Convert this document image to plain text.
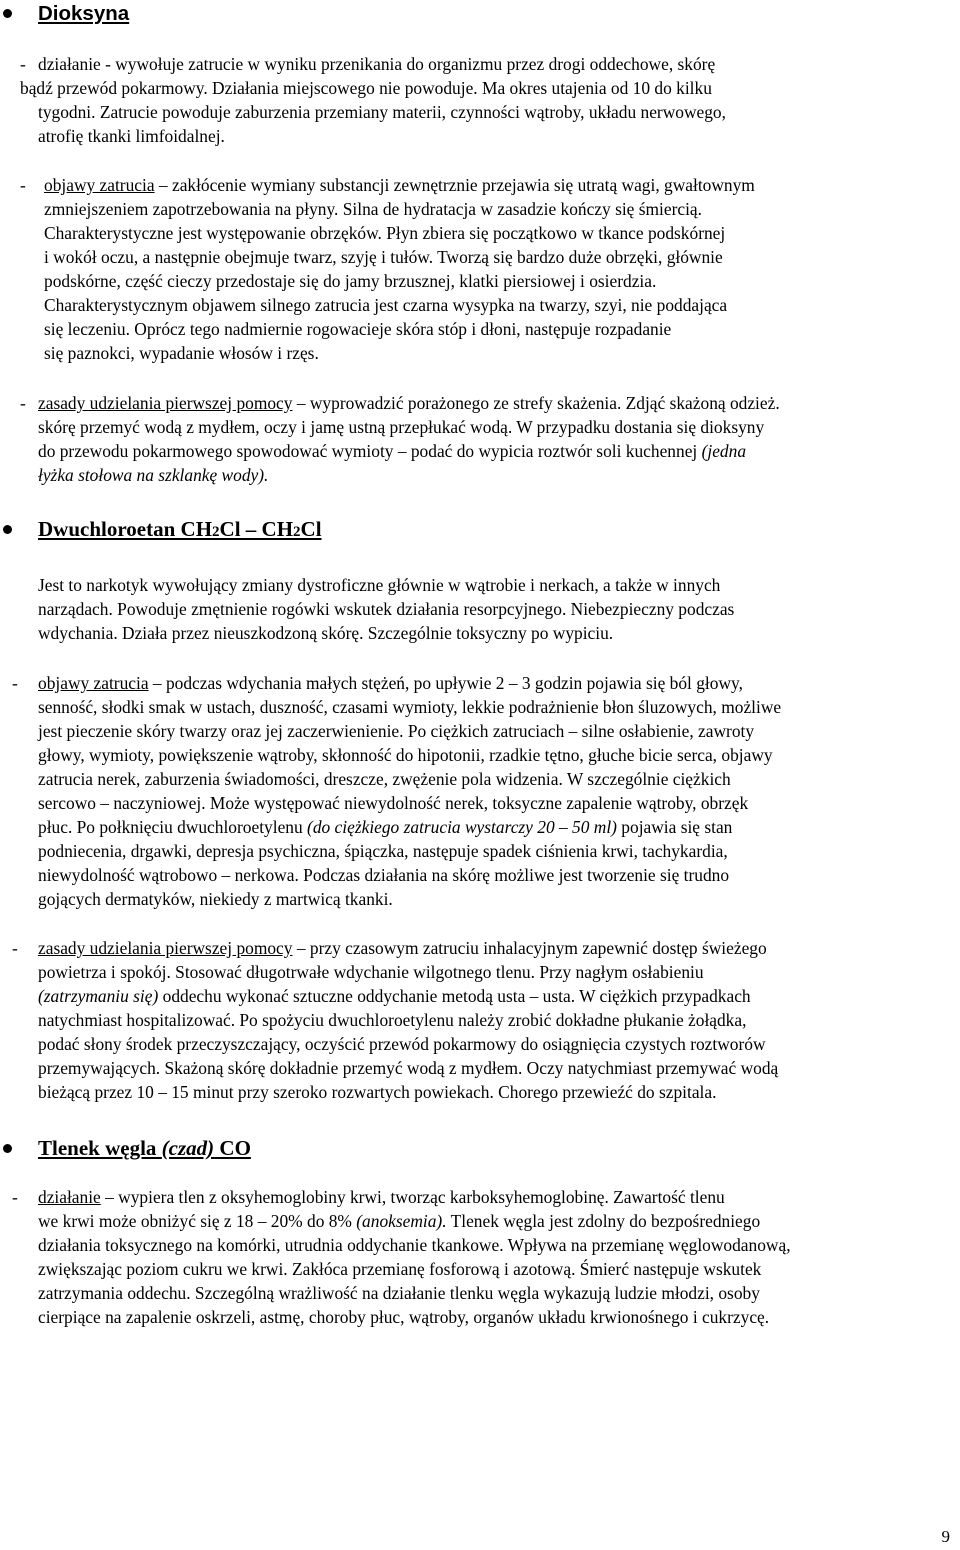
Dioksyna
- działanie - wywołuje zatrucie w wyniku przenikania do organizmu przez drogi oddechowe, skórę
bądź przewód pokarmowy. Działania miejscowego nie powoduje. Ma okres utajenia od 10 do kilku
tygodni. Zatrucie powoduje zaburzenia przemiany materii, czynności wątroby, układu nerwowego,
atrofię tkanki limfoidalnej.
- objawy zatrucia – zakłócenie wymiany substancji zewnętrznie przejawia się utratą wagi, gwałtownym
zmniejszeniem zapotrzebowania na płyny. Silna de hydratacja w zasadzie kończy się śmiercią.
Charakterystyczne jest występowanie obrzęków. Płyn zbiera się początkowo w tkance podskórnej
i wokół oczu, a następnie obejmuje twarz, szyję i tułów. Tworzą się bardzo duże obrzęki, głównie
podskórne, część cieczy przedostaje się do jamy brzusznej, klatki piersiowej i osierdzia.
Charakterystycznym objawem silnego zatrucia jest czarna wysypka na twarzy, szyi, nie poddająca
się leczeniu. Oprócz tego nadmiernie rogowacieje skóra stóp i dłoni, następuje rozpadanie
się paznokci, wypadanie włosów i rzęs.
- zasady udzielania pierwszej pomocy – wyprowadzić porażonego ze strefy skażenia. Zdjąć skażoną odzież.
skórę przemyć wodą z mydłem, oczy i jamę ustną przepłukać wodą. W przypadku dostania się dioksyny
do przewodu pokarmowego spowodować wymioty – podać do wypicia roztwór soli kuchennej (jedna
łyżka stołowa na szklankę wody).
Dwuchloroetan CH2Cl – CH2Cl
Jest to narkotyk wywołujący zmiany dystroficzne głównie w wątrobie i nerkach, a także w innych
narządach. Powoduje zmętnienie rogówki wskutek działania resorpcyjnego. Niebezpieczny podczas
wdychania. Działa przez nieuszkodzoną skórę. Szczególnie toksyczny po wypiciu.
- objawy zatrucia – podczas wdychania małych stężeń, po upływie 2 – 3 godzin pojawia się ból głowy,
senność, słodki smak w ustach, duszność, czasami wymioty, lekkie podrażnienie błon śluzowych, możliwe
jest pieczenie skóry twarzy oraz jej zaczerwienienie. Po ciężkich zatruciach – silne osłabienie, zawroty
głowy, wymioty, powiększenie wątroby, skłonność do hipotonii, rzadkie tętno, głuche bicie serca, objawy
zatrucia nerek, zaburzenia świadomości, dreszcze, zwężenie pola widzenia. W szczególnie ciężkich
sercowo – naczyniowej. Może występować niewydolność nerek, toksyczne zapalenie wątroby, obrzęk
płuc. Po połknięciu dwuchloroetylenu (do ciężkiego zatrucia wystarczy 20 – 50 ml) pojawia się stan
podniecenia, drgawki, depresja psychiczna, śpiączka, następuje spadek ciśnienia krwi, tachykardia,
niewydolność wątrobowo – nerkowa. Podczas działania na skórę możliwe jest tworzenie się trudno
gojących dermatyków, niekiedy z martwicą tkanki.
- zasady udzielania pierwszej pomocy – przy czasowym zatruciu inhalacyjnym zapewnić dostęp świeżego
powietrza i spokój. Stosować długotrwałe wdychanie wilgotnego tlenu. Przy nagłym osłabieniu
(zatrzymaniu się) oddechu wykonać sztuczne oddychanie metodą usta – usta. W ciężkich przypadkach
natychmiast hospitalizować. Po spożyciu dwuchloroetylenu należy zrobić dokładne płukanie żołądka,
podać słony środek przeczyszczający, oczyścić przewód pokarmowy do osiągnięcia czystych roztworów
przemywających. Skażoną skórę dokładnie przemyć wodą z mydłem. Oczy natychmiast przemywać wodą
bieżącą przez 10 – 15 minut przy szeroko rozwartych powiekach. Chorego przewieźć do szpitala.
Tlenek węgla (czad) CO
- działanie – wypiera tlen z oksyhemoglobiny krwi, tworząc karboksyhemoglobinę. Zawartość tlenu
we krwi może obniżyć się z 18 – 20% do 8% (anoksemia). Tlenek węgla jest zdolny do bezpośredniego
działania toksycznego na komórki, utrudnia oddychanie tkankowe. Wpływa na przemianę węglowodanową,
zwiększając poziom cukru we krwi. Zakłóca przemianę fosforową i azotową. Śmierć następuje wskutek
zatrzymania oddechu. Szczególną wrażliwość na działanie tlenku węgla wykazują ludzie młodzi, osoby
cierpiące na zapalenie oskrzeli, astmę, choroby płuc, wątroby, organów układu krwionośnego i cukrzycę.
9
